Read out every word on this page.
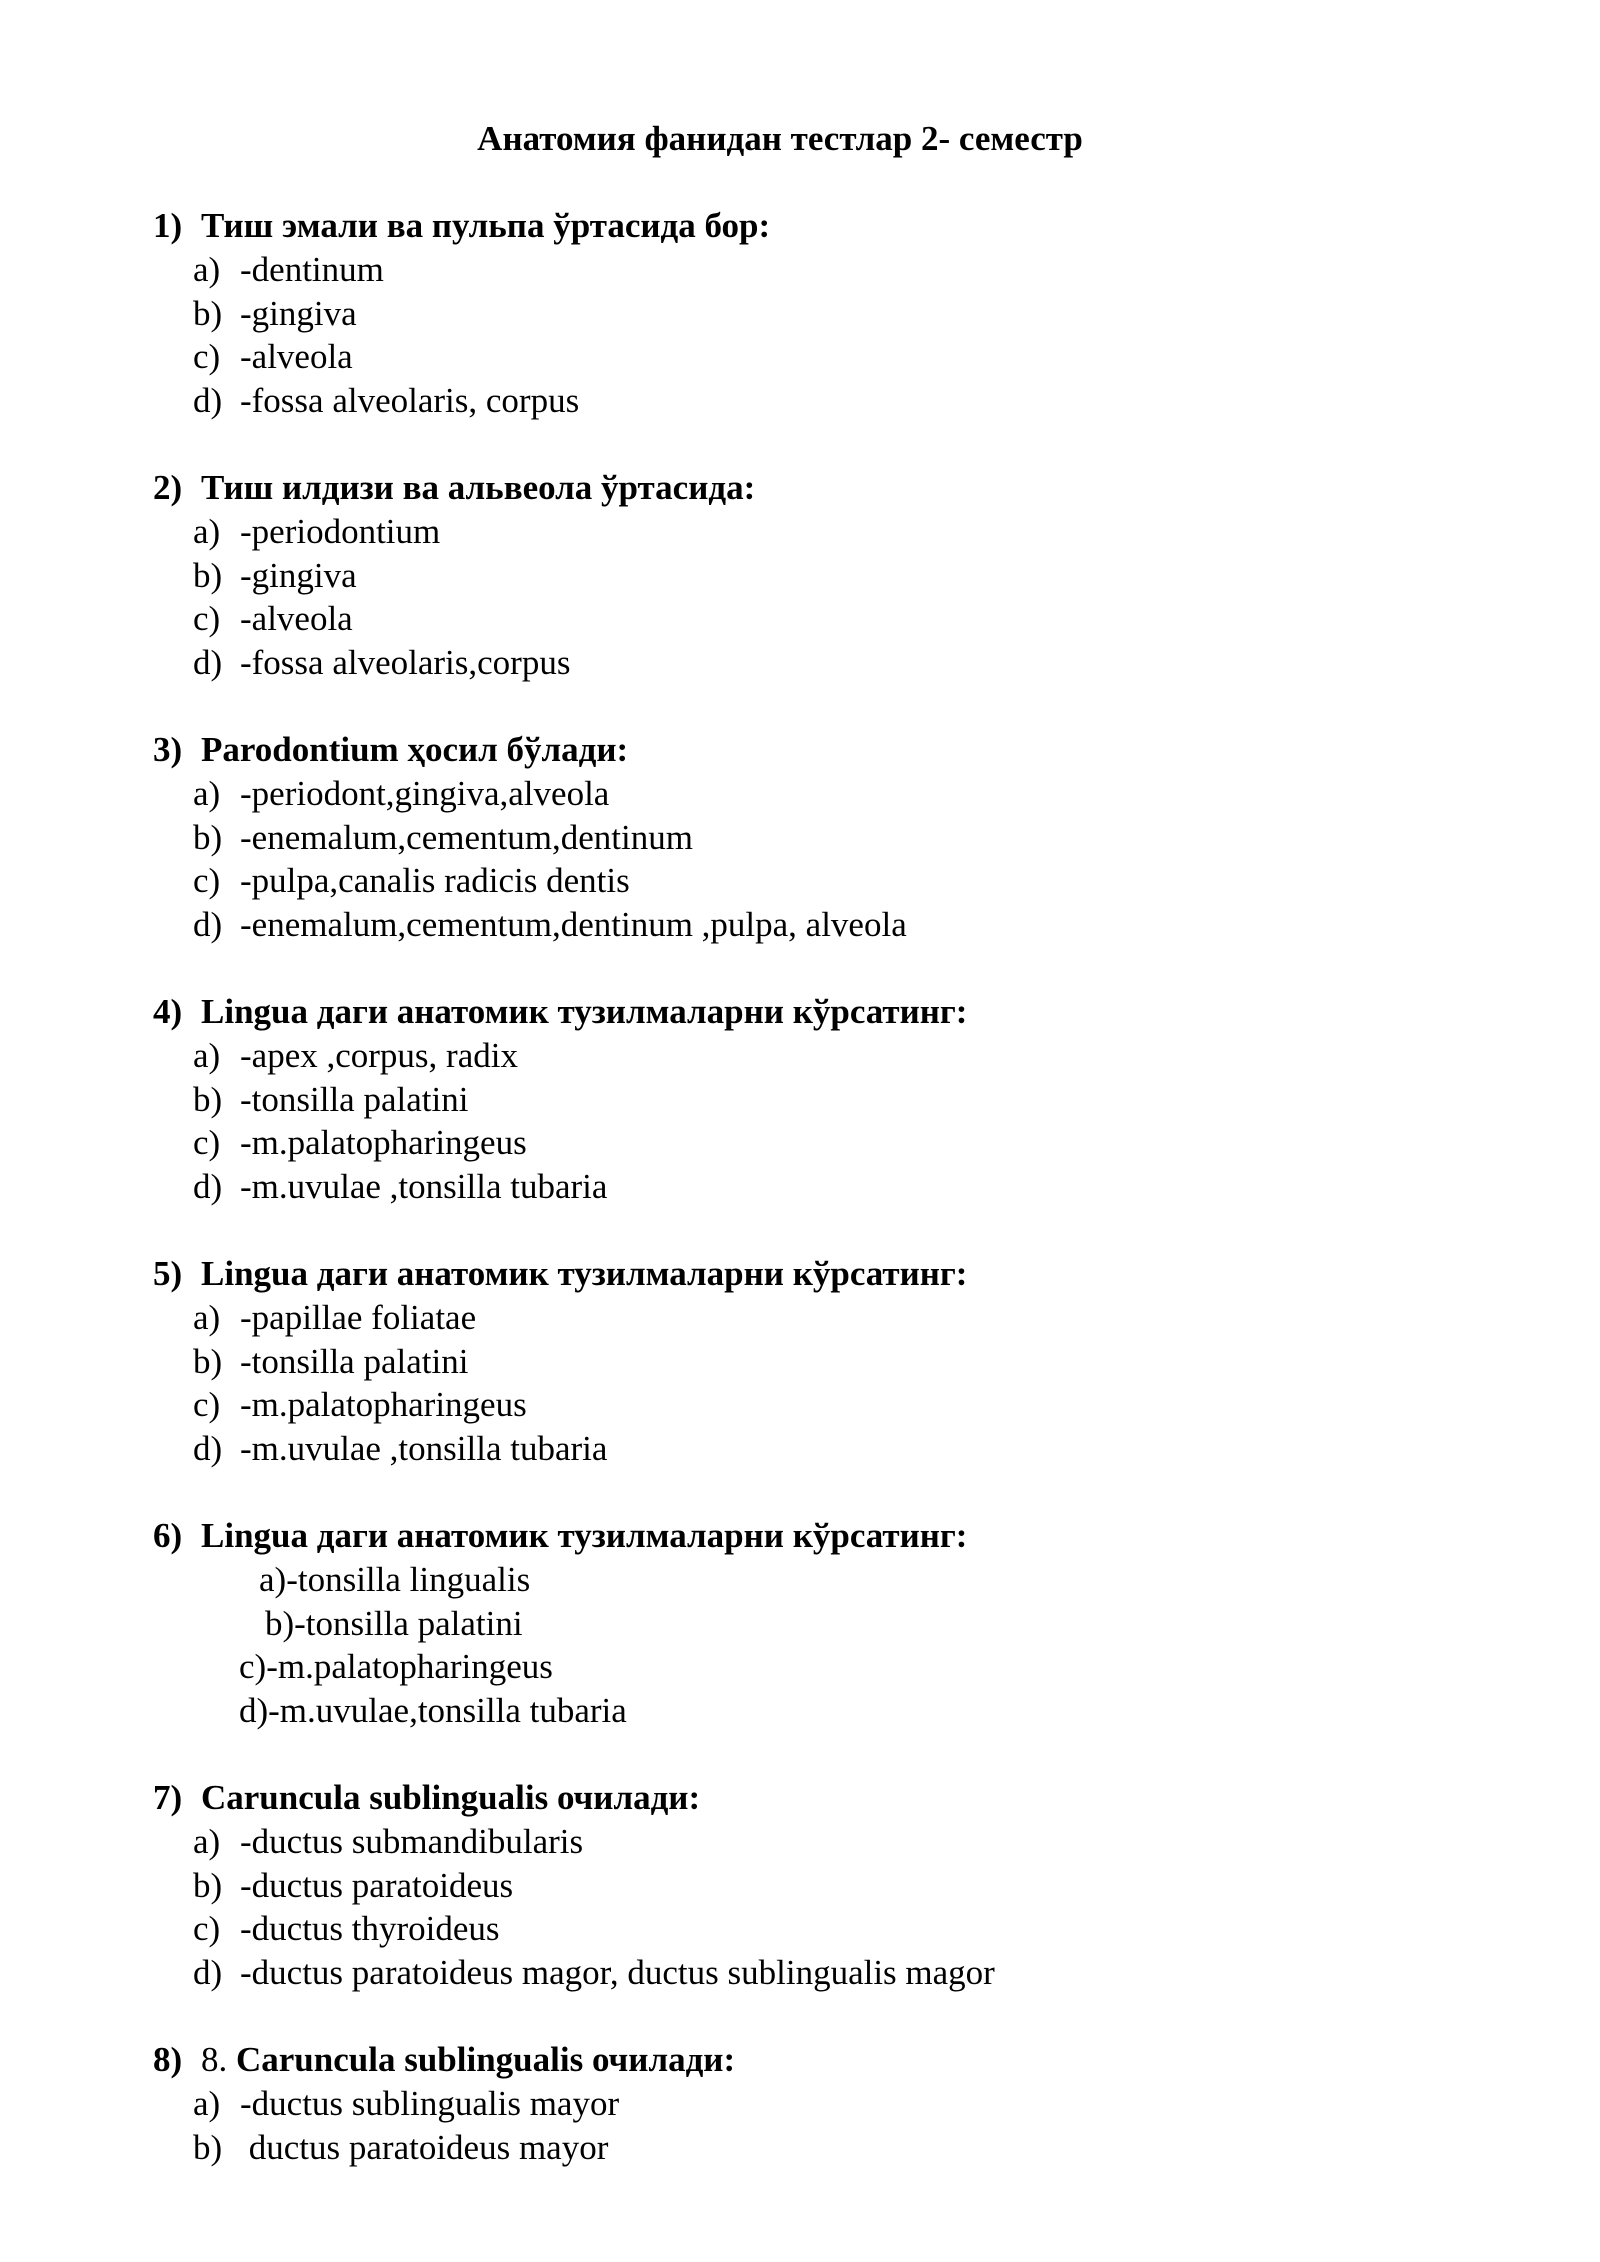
Анатомия фанидан тестлар 2- семестр
1) Тиш эмали ва пульпа ўртасида бор:
a) -dentinum
b) -gingiva
c) -alveola
d) -fossa alveolaris, corpus
2) Тиш илдизи ва альвеола ўртасида:
a) -periodontium
b) -gingiva
c) -alveola
d) -fossa alveolaris,corpus
3) Parodontium ҳосил бўлади:
a) -periodont,gingiva,alveola
b) -enemalum,cementum,dentinum
c) -pulpa,canalis radicis dentis
d) -enemalum,cementum,dentinum ,pulpa, alveola
4) Lingua даги анатомик тузилмаларни кўрсатинг:
a) -apex ,corpus, radix
b) -tonsilla palatini
c) -m.palatopharingeus
d) -m.uvulae ,tonsilla tubaria
5) Lingua даги анатомик тузилмаларни кўрсатинг:
a) -papillae foliatae
b) -tonsilla palatini
c) -m.palatopharingeus
d) -m.uvulae ,tonsilla tubaria
6) Lingua даги анатомик тузилмаларни кўрсатинг:
a)-tonsilla lingualis
b)-tonsilla palatini
c)-m.palatopharingeus
d)-m.uvulae,tonsilla tubaria
7) Caruncula sublingualis очилади:
a) -ductus submandibularis
b) -ductus paratoideus
c) -ductus thyroideus
d) -ductus paratoideus magor, ductus sublingualis magor
8) 8. Caruncula sublingualis очилади:
a) -ductus sublingualis mayor
b) ductus paratoideus mayor
